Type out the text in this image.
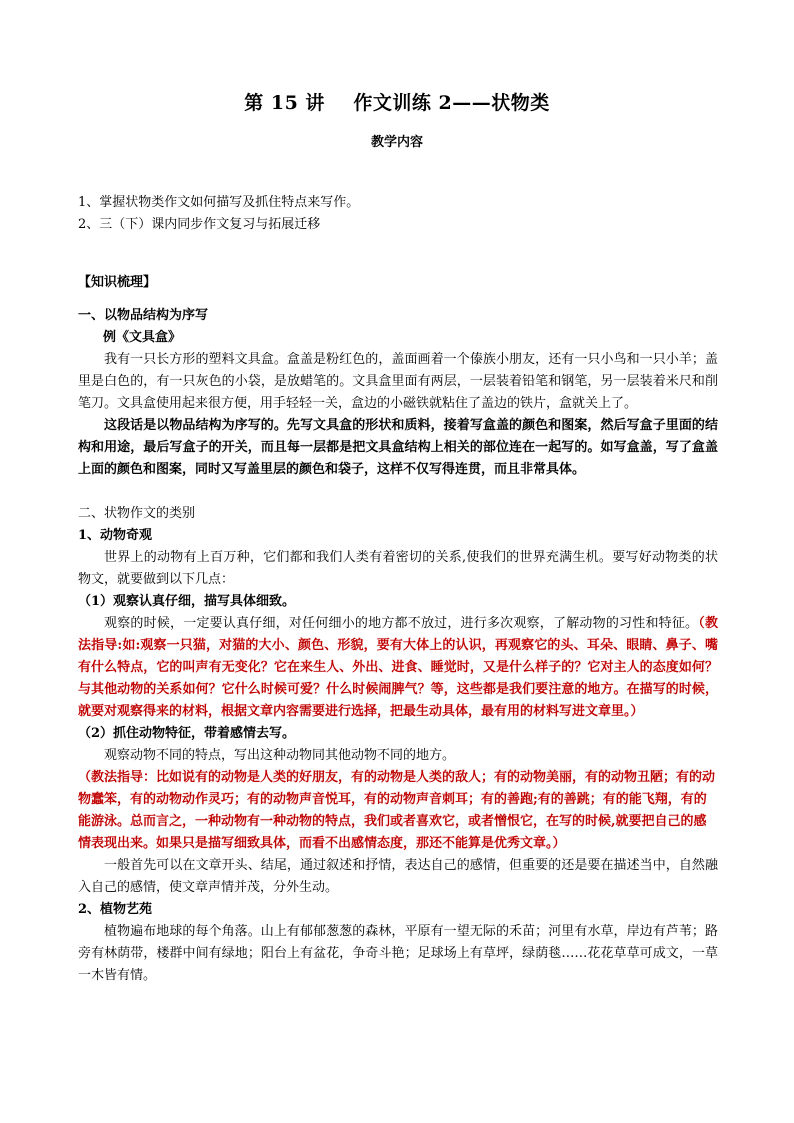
第 15 讲    作文训练 2——状物类
教学内容
1、掌握状物类作文如何描写及抓住特点来写作。
2、三（下）课内同步作文复习与拓展迁移
【知识梳理】

一、以物品结构为序写

例《文具盒》

我有一只长方形的塑料文具盒。盒盖是粉红色的，盖面画着一个傣族小朋友，还有一只小鸟和一只小羊；盖里是白色的，有一只灰色的小袋，是放蜡笔的。文具盒里面有两层，一层装着铅笔和钢笔，另一层装着米尺和削笔刀。文具盒使用起来很方便，用手轻轻一关，盒边的小磁铁就粘住了盖边的铁片，盒就关上了。

这段话是以物品结构为序写的。先写文具盒的形状和质料，接着写盒盖的颜色和图案，然后写盒子里面的结构和用途，最后写盒子的开关，而且每一层都是把文具盒结构上相关的部位连在一起写的。如写盒盖，写了盒盖上面的颜色和图案，同时又写盖里层的颜色和袋子，这样不仅写得连贯，而且非常具体。

二、状物作文的类别

1、动物奇观

世界上的动物有上百万种，它们都和我们人类有着密切的关系,使我们的世界充满生机。要写好动物类的状物文，就要做到以下几点：

（1）观察认真仔细，描写具体细致。

观察的时候，一定要认真仔细，对任何细小的地方都不放过，进行多次观察，了解动物的习性和特征。（教法指导:如:观察一只猫，对猫的大小、颜色、形貌，要有大体上的认识，再观察它的头、耳朵、眼睛、鼻子、嘴有什么特点，它的叫声有无变化？它在来生人、外出、进食、睡觉时，又是什么样子的？它对主人的态度如何？与其他动物的关系如何？它什么时候可爱？什么时候闹脾气？等，这些都是我们要注意的地方。在描写的时候，就要对观察得来的材料，根据文章内容需要进行选择，把最生动具体，最有用的材料写进文章里。）

（2）抓住动物特征，带着感情去写。

观察动物不同的特点，写出这种动物同其他动物不同的地方。

（教法指导：比如说有的动物是人类的好朋友，有的动物是人类的敌人；有的动物美丽，有的动物丑陋；有的动物蠢笨，有的动物动作灵巧；有的动物声音悦耳，有的动物声音刺耳；有的善跑;有的善跳；有的能飞翔，有的能游泳。总而言之，一种动物有一种动物的特点，我们或者喜欢它，或者憎恨它，在写的时候,就要把自己的感情表现出来。如果只是描写细致具体，而看不出感情态度，那还不能算是优秀文章。）

一般首先可以在文章开头、结尾，通过叙述和抒情，表达自己的感情，但重要的还是要在描述当中，自然融入自己的感情，使文章声情并茂，分外生动。

2、植物艺苑

植物遍布地球的每个角落。山上有郁郁葱葱的森林，平原有一望无际的禾苗；河里有水草，岸边有芦苇；路旁有林荫带，楼群中间有绿地；阳台上有盆花，争奇斗艳；足球场上有草坪，绿荫毯……花花草草可成文，一草一木皆有情。
